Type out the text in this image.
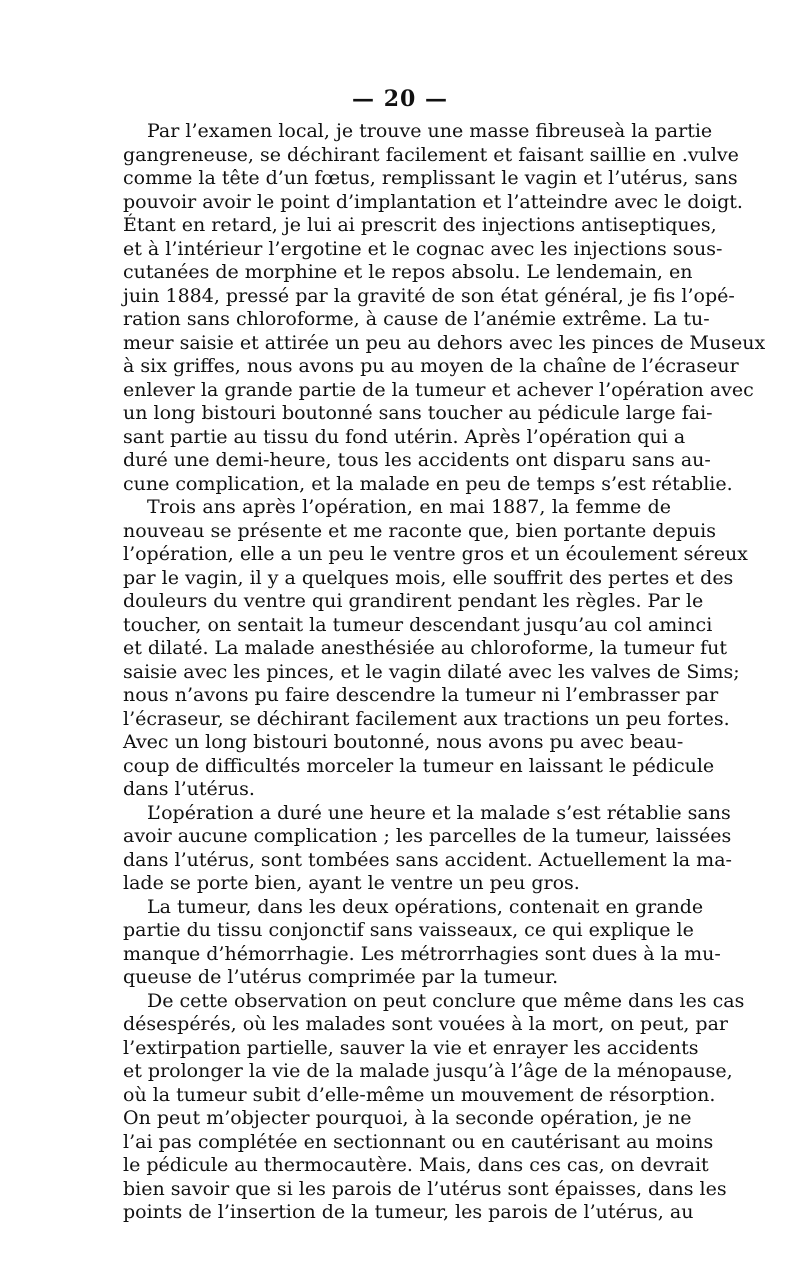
— 20 —
Par l’examen local, je trouve une masse fibreuseà la partie
gangreneuse, se déchirant facilement et faisant saillie en .vulve
comme la tête d’un fœtus, remplissant le vagin et l’utérus, sans
pouvoir avoir le point d’implantation et l’atteindre avec le doigt.
Étant en retard, je lui ai prescrit des injections antiseptiques,
et à l’intérieur l’ergotine et le cognac avec les injections sous-
cutanées de morphine et le repos absolu. Le lendemain, en
juin 1884, pressé par la gravité de son état général, je fis l’opé-
ration sans chloroforme, à cause de l’anémie extrême. La tu-
meur saisie et attirée un peu au dehors avec les pinces de Museux
à six griffes, nous avons pu au moyen de la chaîne de l’écraseur
enlever la grande partie de la tumeur et achever l’opération avec
un long bistouri boutonné sans toucher au pédicule large fai-
sant partie au tissu du fond utérin. Après l’opération qui a
duré une demi-heure, tous les accidents ont disparu sans au-
cune complication, et la malade en peu de temps s’est rétablie.
Trois ans après l’opération, en mai 1887, la femme de
nouveau se présente et me raconte que, bien portante depuis
l’opération, elle a un peu le ventre gros et un écoulement séreux
par le vagin, il y a quelques mois, elle souffrit des pertes et des
douleurs du ventre qui grandirent pendant les règles. Par le
toucher, on sentait la tumeur descendant jusqu’au col aminci
et dilaté. La malade anesthésiée au chloroforme, la tumeur fut
saisie avec les pinces, et le vagin dilaté avec les valves de Sims;
nous n’avons pu faire descendre la tumeur ni l’embrasser par
l’écraseur, se déchirant facilement aux tractions un peu fortes.
Avec un long bistouri boutonné, nous avons pu avec beau-
coup de difficultés morceler la tumeur en laissant le pédicule
dans l’utérus.
L’opération a duré une heure et la malade s’est rétablie sans
avoir aucune complication ; les parcelles de la tumeur, laissées
dans l’utérus, sont tombées sans accident. Actuellement la ma-
lade se porte bien, ayant le ventre un peu gros.
La tumeur, dans les deux opérations, contenait en grande
partie du tissu conjonctif sans vaisseaux, ce qui explique le
manque d’hémorrhagie. Les métrorrhagies sont dues à la mu-
queuse de l’utérus comprimée par la tumeur.
De cette observation on peut conclure que même dans les cas
désespérés, où les malades sont vouées à la mort, on peut, par
l’extirpation partielle, sauver la vie et enrayer les accidents
et prolonger la vie de la malade jusqu’à l’âge de la ménopause,
où la tumeur subit d’elle-même un mouvement de résorption.
On peut m’objecter pourquoi, à la seconde opération, je ne
l’ai pas complétée en sectionnant ou en cautérisant au moins
le pédicule au thermocautère. Mais, dans ces cas, on devrait
bien savoir que si les parois de l’utérus sont épaisses, dans les
points de l’insertion de la tumeur, les parois de l’utérus, au
